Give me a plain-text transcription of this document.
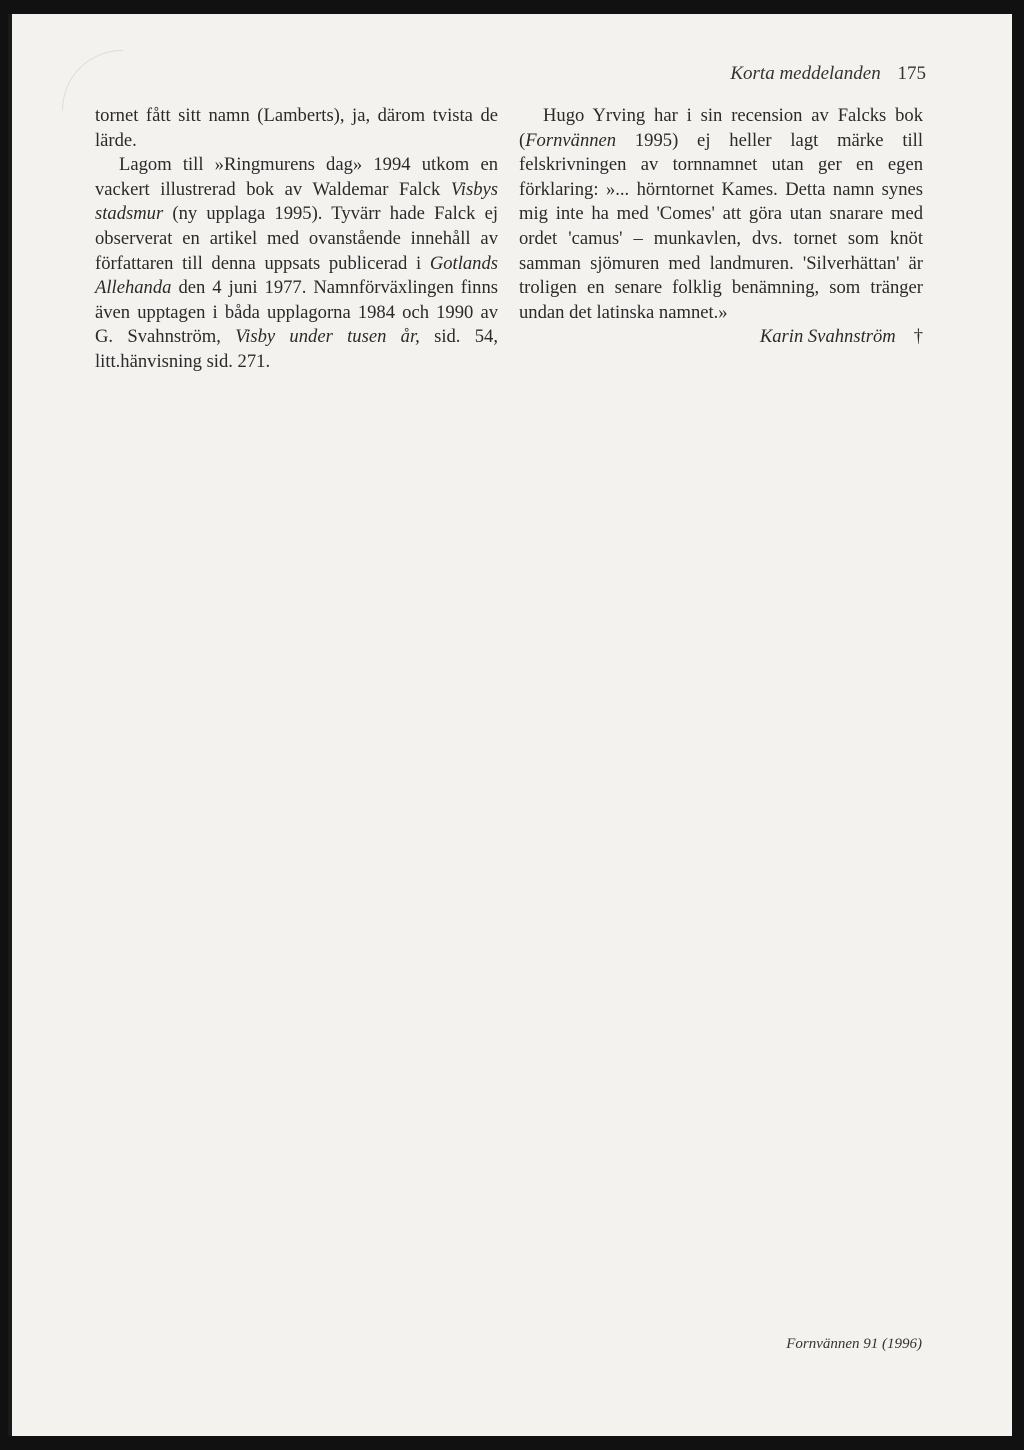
Korta meddelanden 175

tornet fått sitt namn (Lamberts), ja, därom tvista de lärde.

Lagom till »Ringmurens dag» 1994 utkom en vackert illustrerad bok av Waldemar Falck Visbys stadsmur (ny upplaga 1995). Tyvärr hade Falck ej observerat en artikel med ovanstående innehåll av författaren till denna uppsats publicerad i Gotlands Allehanda den 4 juni 1977. Namnförväxlingen finns även upptagen i båda upplagorna 1984 och 1990 av G. Svahnström, Visby under tusen år, sid. 54, litt.hänvisning sid. 271.

Hugo Yrving har i sin recension av Falcks bok (Fornvännen 1995) ej heller lagt märke till felskrivningen av tornnamnet utan ger en egen förklaring: »... hörntornet Kames. Detta namn synes mig inte ha med 'Comes' att göra utan snarare med ordet 'camus' – munkavlen, dvs. tornet som knöt samman sjömuren med landmuren. 'Silverhättan' är troligen en senare folklig benämning, som tränger undan det latinska namnet.»

Karin Svahnström †

Fornvännen 91 (1996)
